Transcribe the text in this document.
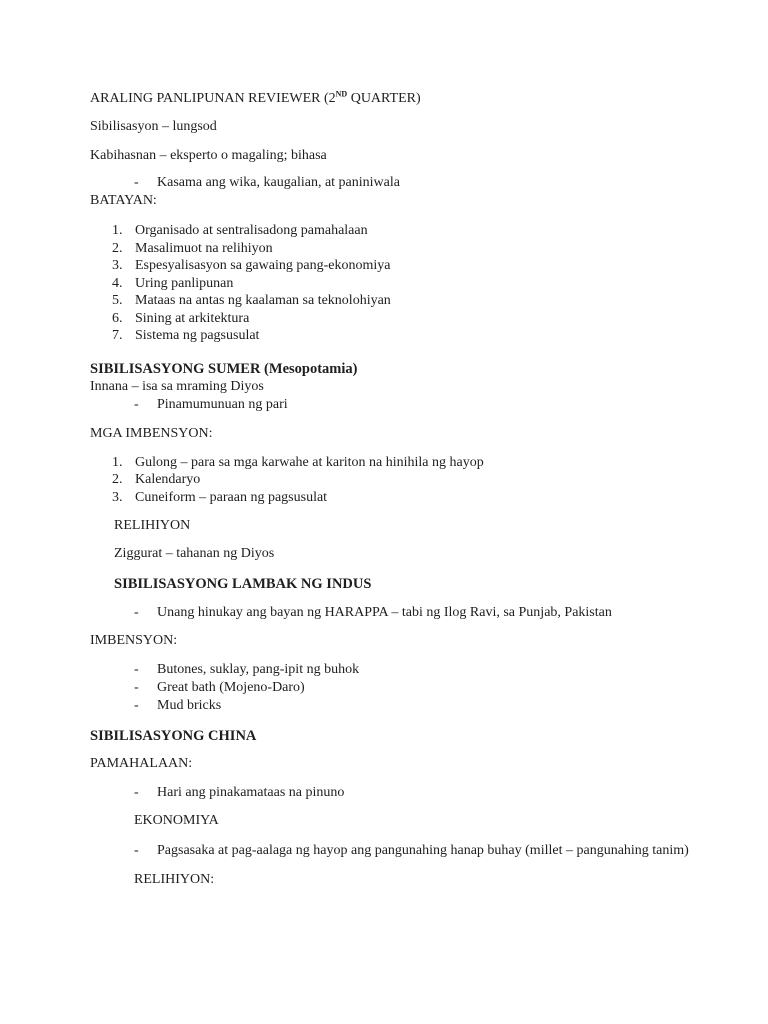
ARALING PANLIPUNAN REVIEWER (2ND QUARTER)

Sibilisasyon – lungsod

Kabihasnan – eksperto o magaling; bihasa

-	Kasama ang wika, kaugalian, at paniniwala

BATAYAN:

1. Organisado at sentralisadong pamahalaan
2. Masalimuot na relihiyon
3. Espesyalisasyon sa gawaing pang-ekonomiya
4. Uring panlipunan
5. Mataas na antas ng kaalaman sa teknolohiyan
6. Sining at arkitektura
7. Sistema ng pagsusulat

SIBILISASYONG SUMER (Mesopotamia)

Innana – isa sa mraming Diyos

-	Pinamumunuan ng pari

MGA IMBENSYON:

1. Gulong – para sa mga karwahe at kariton na hinihila ng hayop
2. Kalendaryo
3. Cuneiform – paraan ng pagsusulat

RELIHIYON

Ziggurat – tahanan ng Diyos

SIBILISASYONG LAMBAK NG INDUS

-	Unang hinukay ang bayan ng HARAPPA – tabi ng Ilog Ravi, sa Punjab, Pakistan

IMBENSYON:

-	Butones, suklay, pang-ipit ng buhok
-	Great bath (Mojeno-Daro)
-	Mud bricks

SIBILISASYONG CHINA

PAMAHALAAN:

-	Hari ang pinakamataas na pinuno

EKONOMIYA

-	Pagsasaka at pag-aalaga ng hayop ang pangunahing hanap buhay (millet – pangunahing tanim)

RELIHIYON:
